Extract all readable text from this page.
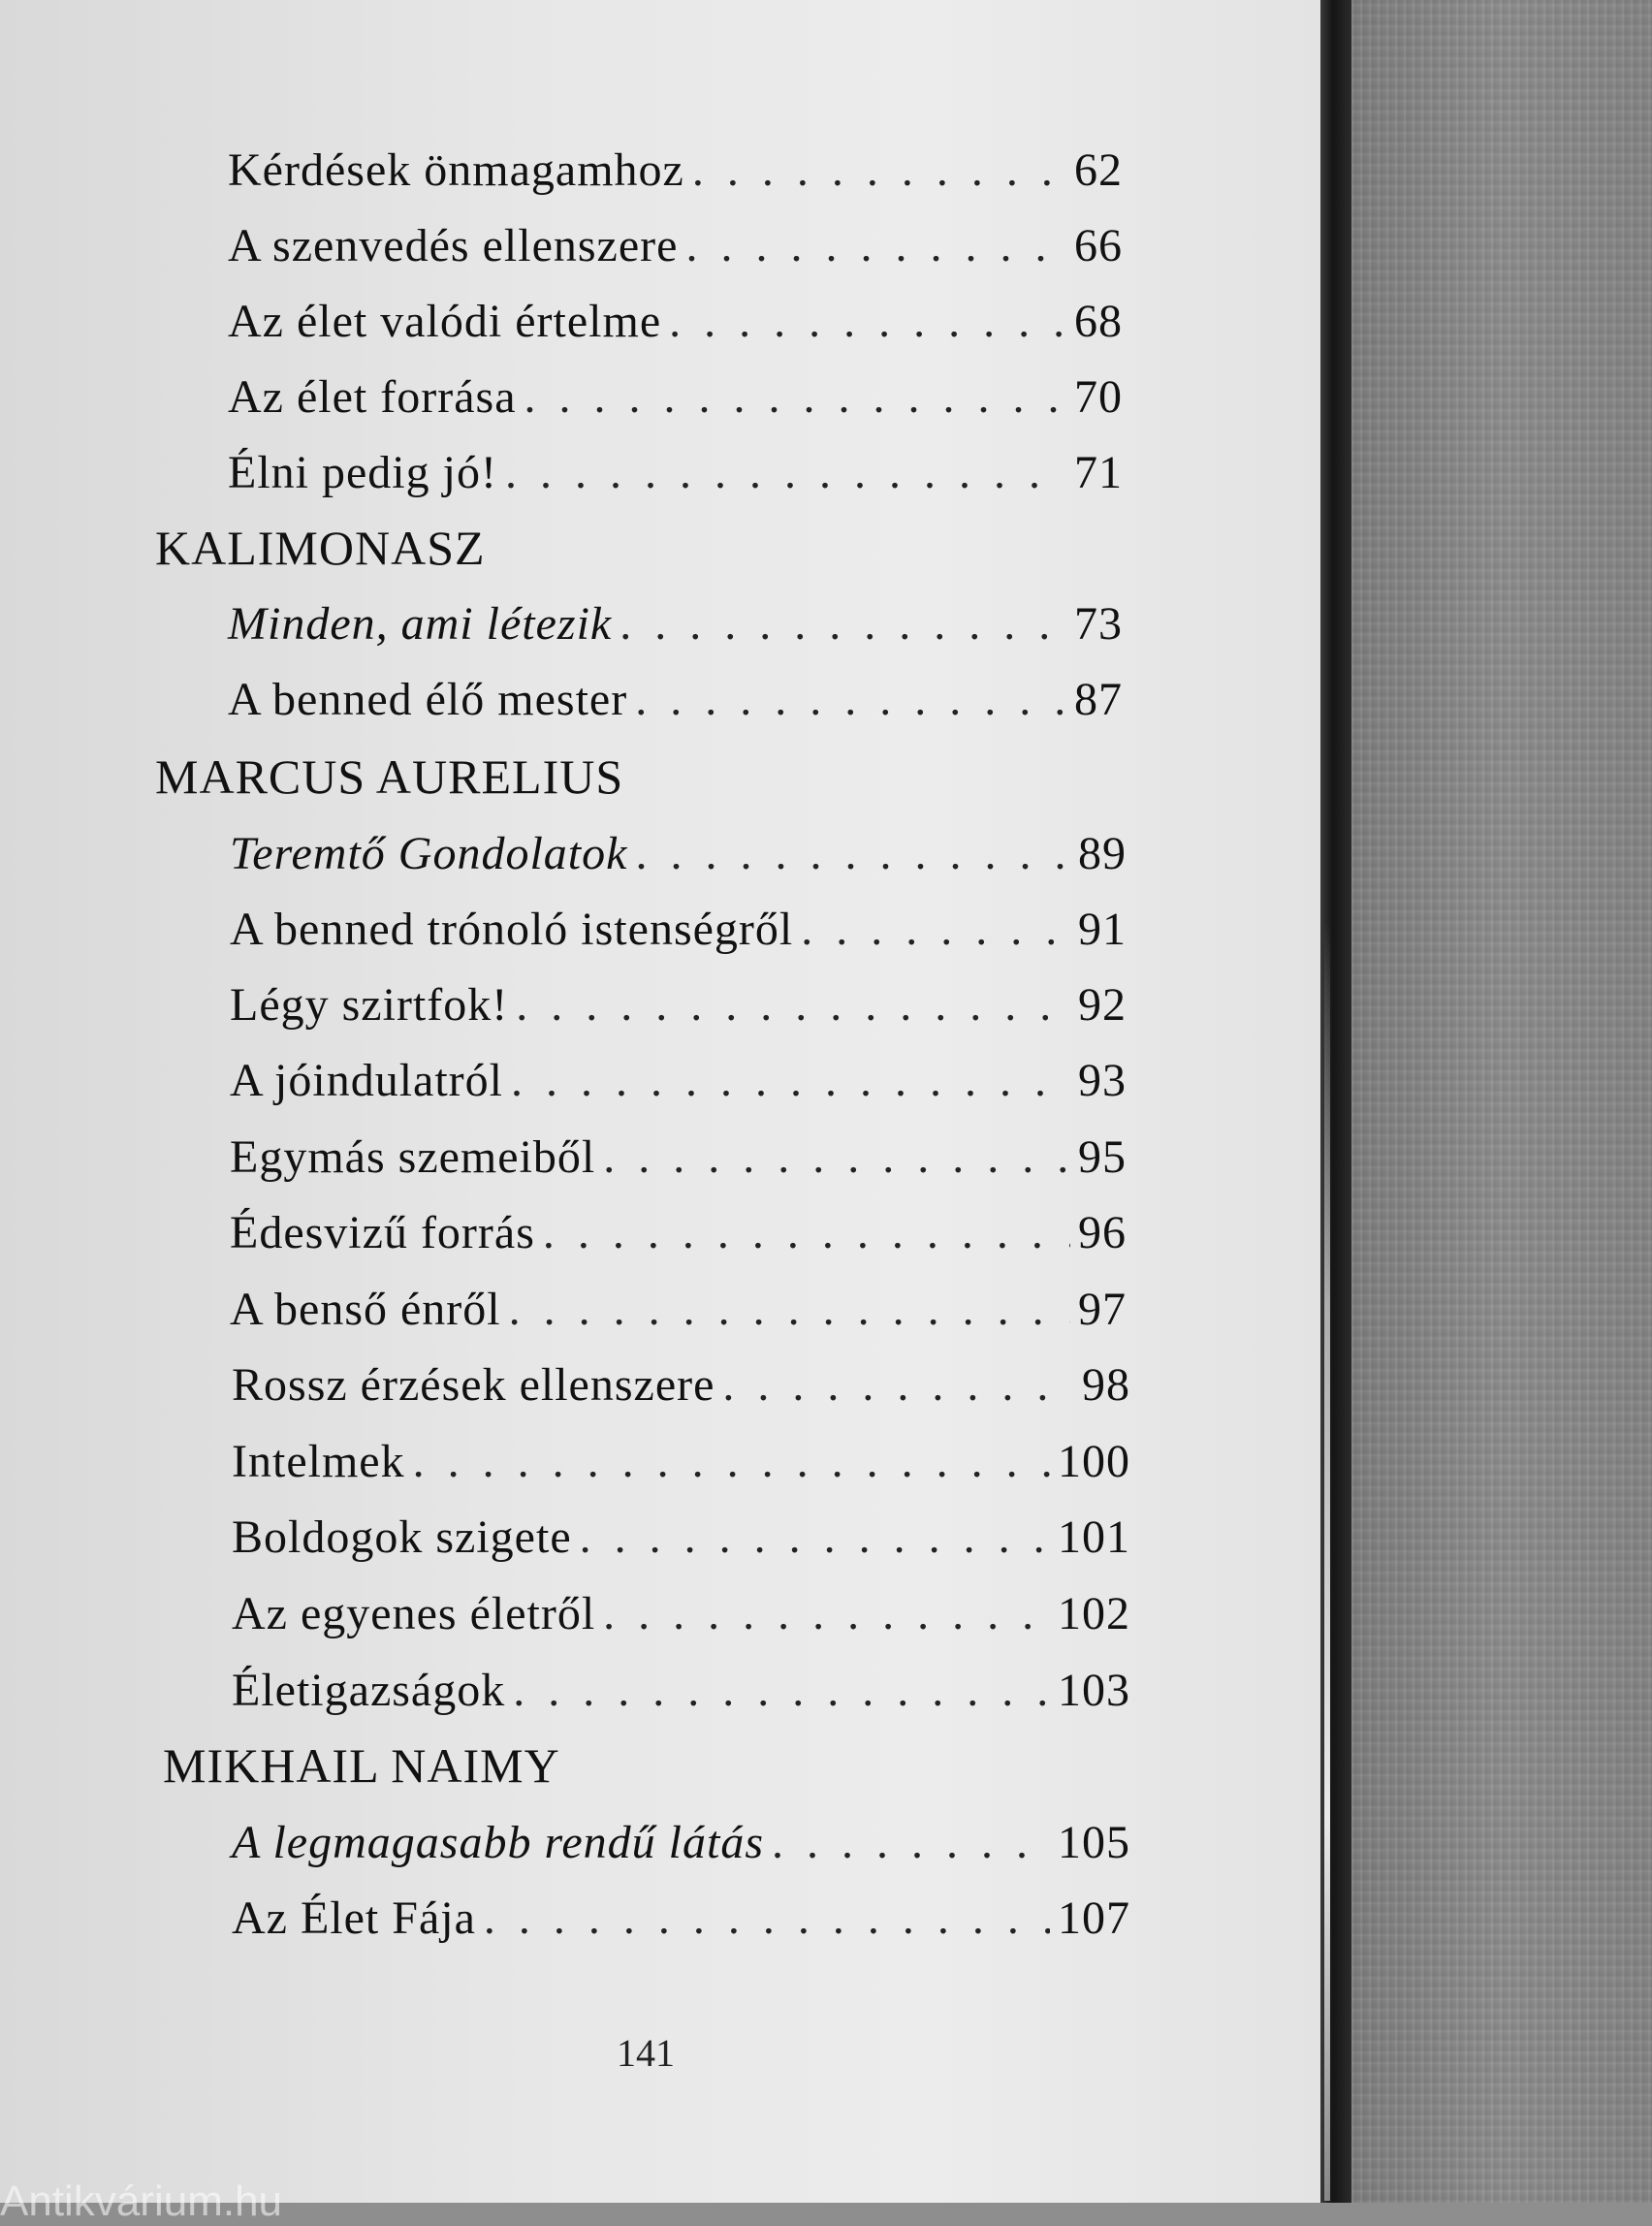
Kérdések önmagamhoz . . .	62
A szenvedés ellenszere . . .	66
Az élet valódi értelme . . .	68
Az élet forrása . . .	70
Élni pedig jó! . . .	71
KALIMONASZ
Minden, ami létezik . . .	73
A benned élő mester . . .	87
MARCUS AURELIUS
Teremtő Gondolatok . . .	89
A benned trónoló istenségről . . .	91
Légy szirtfok! . . .	92
A jóindulatról . . .	93
Egymás szemeiből . . .	95
Édesvizű forrás . . .	96
A benső énről . . .	97
Rossz érzések ellenszere . . .	98
Intelmek . . .	100
Boldogok szigete . . .	101
Az egyenes életről . . .	102
Életigazságok . . .	103
MIKHAIL NAIMY
A legmagasabb rendű látás . . .	105
Az Élet Fája . . .	107
141
Antikvárium.hu
